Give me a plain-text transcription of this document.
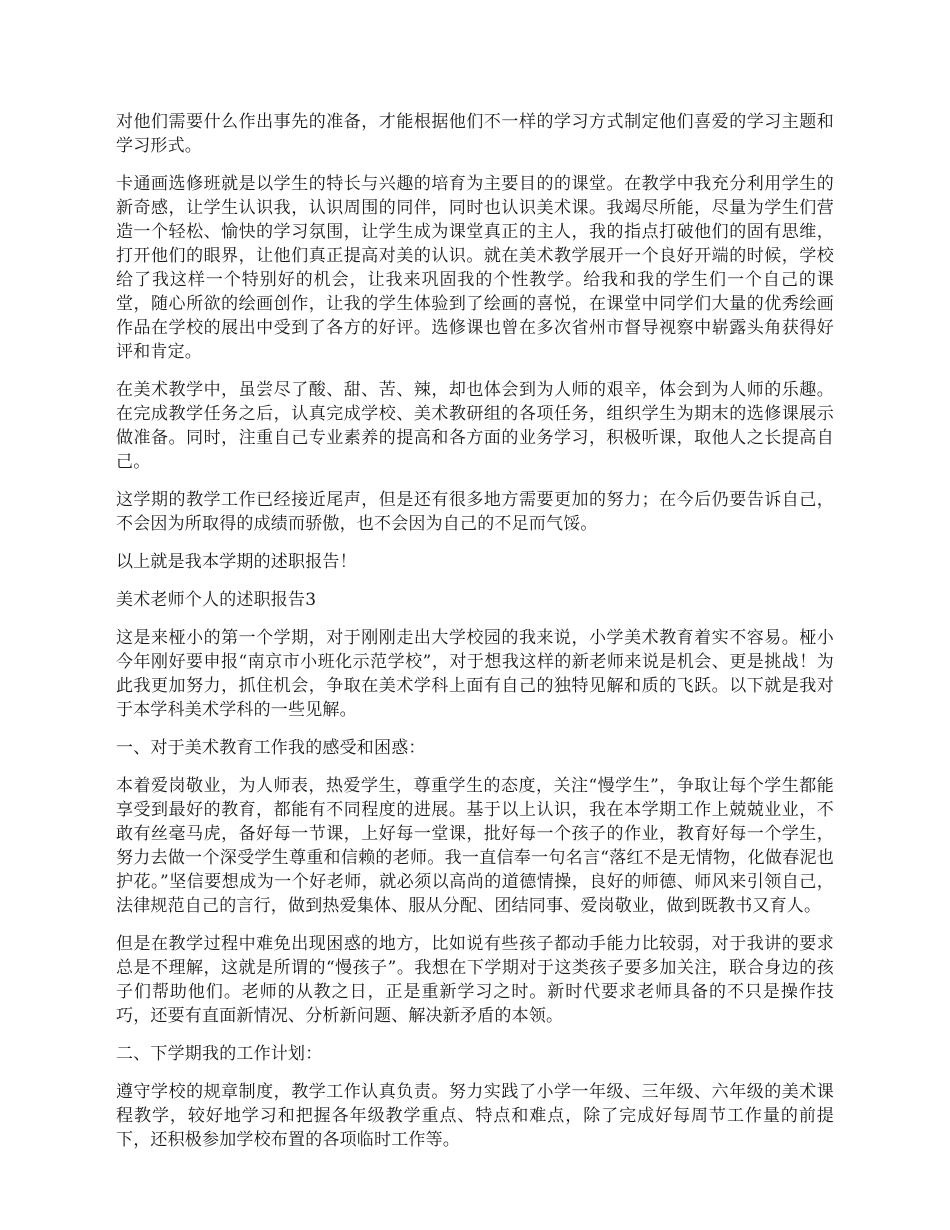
对他们需要什么作出事先的准备，才能根据他们不一样的学习方式制定他们喜爱的学习主题和学习形式。

卡通画选修班就是以学生的特长与兴趣的培育为主要目的的课堂。在教学中我充分利用学生的新奇感，让学生认识我，认识周围的同伴，同时也认识美术课。我竭尽所能，尽量为学生们营造一个轻松、愉快的学习氛围，让学生成为课堂真正的主人，我的指点打破他们的固有思维，打开他们的眼界，让他们真正提高对美的认识。就在美术教学展开一个良好开端的时候，学校给了我这样一个特别好的机会，让我来巩固我的个性教学。给我和我的学生们一个自己的课堂，随心所欲的绘画创作，让我的学生体验到了绘画的喜悦，在课堂中同学们大量的优秀绘画作品在学校的展出中受到了各方的好评。选修课也曾在多次省州市督导视察中崭露头角获得好评和肯定。

在美术教学中，虽尝尽了酸、甜、苦、辣，却也体会到为人师的艰辛，体会到为人师的乐趣。在完成教学任务之后，认真完成学校、美术教研组的各项任务，组织学生为期末的选修课展示做准备。同时，注重自己专业素养的提高和各方面的业务学习，积极听课，取他人之长提高自己。

这学期的教学工作已经接近尾声，但是还有很多地方需要更加的努力；在今后仍要告诉自己，不会因为所取得的成绩而骄傲，也不会因为自己的不足而气馁。

以上就是我本学期的述职报告！

美术老师个人的述职报告3

这是来桠小的第一个学期，对于刚刚走出大学校园的我来说，小学美术教育着实不容易。桠小今年刚好要申报“南京市小班化示范学校”，对于想我这样的新老师来说是机会、更是挑战！为此我更加努力，抓住机会，争取在美术学科上面有自己的独特见解和质的飞跃。以下就是我对于本学科美术学科的一些见解。

一、对于美术教育工作我的感受和困惑：

本着爱岗敬业，为人师表，热爱学生，尊重学生的态度，关注“慢学生”，争取让每个学生都能享受到最好的教育，都能有不同程度的进展。基于以上认识，我在本学期工作上兢兢业业，不敢有丝毫马虎，备好每一节课，上好每一堂课，批好每一个孩子的作业，教育好每一个学生，努力去做一个深受学生尊重和信赖的老师。我一直信奉一句名言“落红不是无情物，化做春泥也护花。”坚信要想成为一个好老师，就必须以高尚的道德情操，良好的师德、师风来引领自己，法律规范自己的言行，做到热爱集体、服从分配、团结同事、爱岗敬业，做到既教书又育人。

但是在教学过程中难免出现困惑的地方，比如说有些孩子都动手能力比较弱，对于我讲的要求总是不理解，这就是所谓的“慢孩子”。我想在下学期对于这类孩子要多加关注，联合身边的孩子们帮助他们。老师的从教之日，正是重新学习之时。新时代要求老师具备的不只是操作技巧，还要有直面新情况、分析新问题、解决新矛盾的本领。

二、下学期我的工作计划：

遵守学校的规章制度，教学工作认真负责。努力实践了小学一年级、三年级、六年级的美术课程教学，较好地学习和把握各年级教学重点、特点和难点，除了完成好每周节工作量的前提下，还积极参加学校布置的各项临时工作等。
